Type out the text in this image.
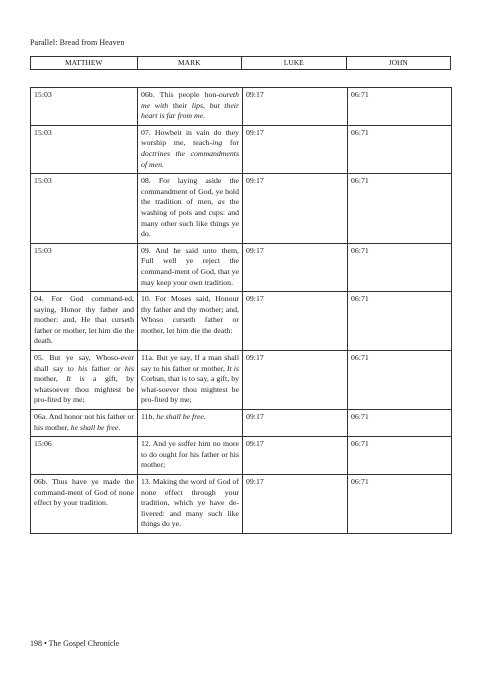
Parallel: Bread from Heaven
MATTHEW	MARK	LUKE	JOHN
15:03	06b. This people hon-oureth me with their lips, but their heart is far from me.	09:17	06:71
15:03	07. Howbeit in vain do they worship me, teach-ing for doctrines the commandments of men.	09:17	06:71
15:03	08. For laying aside the commandment of God, ye hold the tradition of men, as the washing of pots and cups: and many other such like things ye do.	09:17	06:71
15:03	09. And he said unto them, Full well ye reject the command-ment of God, that ye may keep your own tradition.	09:17	06:71
04. For God command-ed, saying, Honor thy father and mother: and, He that curseth father or mother, let him die the death.	10. For Moses said, Honour thy father and thy mother; and, Whoso curseth father or mother, let him die the death:	09:17	06:71
05. But ye say, Whoso-ever shall say to his father or his mother, It is a gift, by whatsoever thou mightest be pro-fited by me;	11a. But ye say, If a man shall say to his father or mother, It is Corban, that is to say, a gift, by what-soever thou mightest be pro-fited by me;	09:17	06:71
06a. And honor not his father or his mother, he shall be free.	11b. he shall be free.	09:17	06:71
15:06	12. And ye suffer him no more to do ought for his father or his mother;	09:17	06:71
06b. Thus have ye made the command-ment of God of none effect by your tradition.	13. Making the word of God of none effect through your tradition, which ye have de-livered: and many such like things do ye.	09:17	06:71
198 • The Gospel Chronicle
